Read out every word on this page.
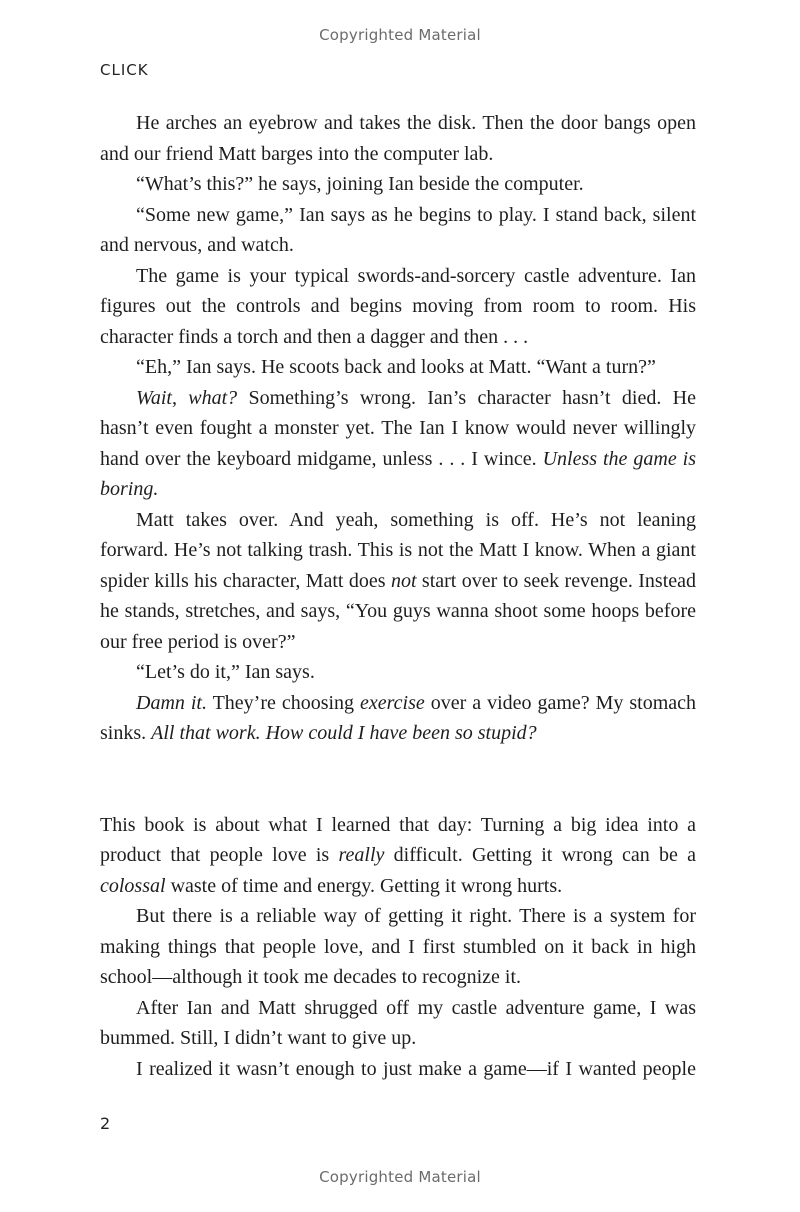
Copyrighted Material
CLICK

He arches an eyebrow and takes the disk. Then the door bangs open and our friend Matt barges into the computer lab.

“What’s this?” he says, joining Ian beside the computer.

“Some new game,” Ian says as he begins to play. I stand back, silent and nervous, and watch.

The game is your typical swords-and-sorcery castle adventure. Ian figures out the controls and begins moving from room to room. His character finds a torch and then a dagger and then . . .

“Eh,” Ian says. He scoots back and looks at Matt. “Want a turn?”

Wait, what? Something’s wrong. Ian’s character hasn’t died. He hasn’t even fought a monster yet. The Ian I know would never willingly hand over the keyboard midgame, unless . . . I wince. Unless the game is boring.

Matt takes over. And yeah, something is off. He’s not leaning forward. He’s not talking trash. This is not the Matt I know. When a giant spider kills his character, Matt does not start over to seek revenge. Instead he stands, stretches, and says, “You guys wanna shoot some hoops before our free period is over?”

“Let’s do it,” Ian says.

Damn it. They’re choosing exercise over a video game? My stomach sinks. All that work. How could I have been so stupid?

This book is about what I learned that day: Turning a big idea into a product that people love is really difficult. Getting it wrong can be a colossal waste of time and energy. Getting it wrong hurts.

But there is a reliable way of getting it right. There is a system for making things that people love, and I first stumbled on it back in high school—although it took me decades to recognize it.

After Ian and Matt shrugged off my castle adventure game, I was bummed. Still, I didn’t want to give up.

I realized it wasn’t enough to just make a game—if I wanted people

2
Copyrighted Material
